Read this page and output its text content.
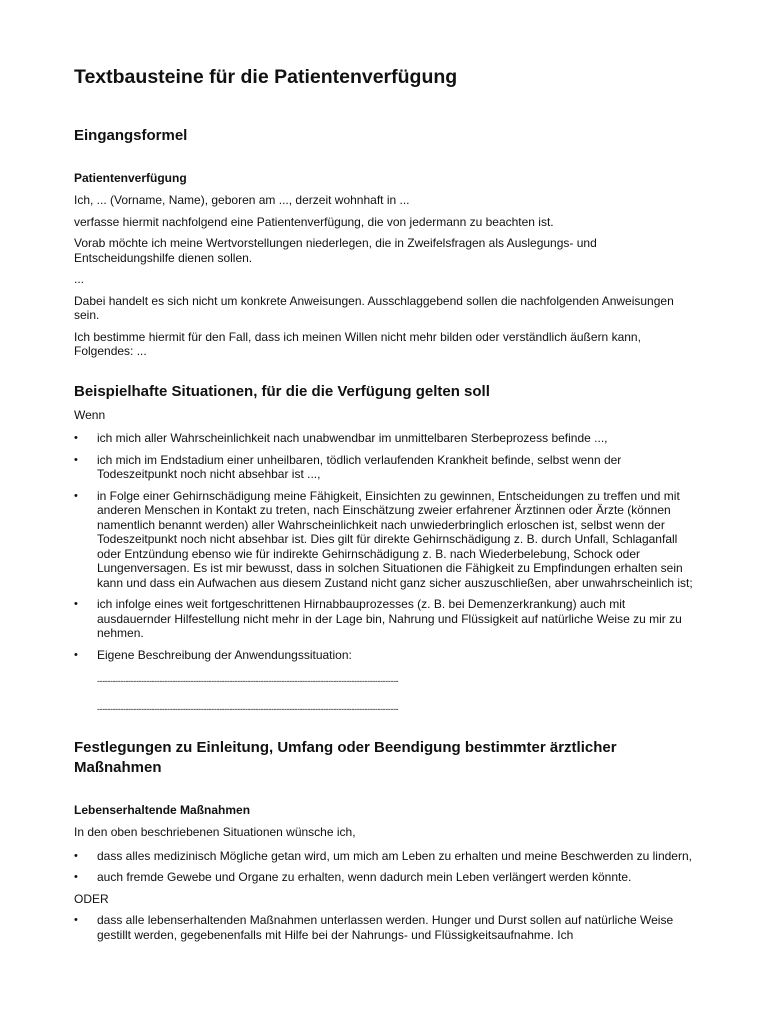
Textbausteine für die Patientenverfügung
Eingangsformel
Patientenverfügung

Ich, ... (Vorname, Name), geboren am ..., derzeit wohnhaft in ...

verfasse hiermit nachfolgend eine Patientenverfügung, die von jedermann zu beachten ist.

Vorab möchte ich meine Wertvorstellungen niederlegen, die in Zweifelsfragen als Auslegungs- und Entscheidungshilfe dienen sollen.

...

Dabei handelt es sich nicht um konkrete Anweisungen. Ausschlaggebend sollen die nachfolgenden Anweisungen sein.

Ich bestimme hiermit für den Fall, dass ich meinen Willen nicht mehr bilden oder verständlich äußern kann, Folgendes: ...

Beispielhafte Situationen, für die die Verfügung gelten soll

Wenn

•	ich mich aller Wahrscheinlichkeit nach unabwendbar im unmittelbaren Sterbeprozess befinde ...,
•	ich mich im Endstadium einer unheilbaren, tödlich verlaufenden Krankheit befinde, selbst wenn der Todeszeitpunkt noch nicht absehbar ist ...,
•	in Folge einer Gehirnschädigung meine Fähigkeit, Einsichten zu gewinnen, Entscheidungen zu treffen und mit anderen Menschen in Kontakt zu treten, nach Einschätzung zweier erfahrener Ärztinnen oder Ärzte (können namentlich benannt werden) aller Wahrscheinlichkeit nach unwiederbringlich erloschen ist, selbst wenn der Todeszeitpunkt noch nicht absehbar ist. Dies gilt für direkte Gehirnschädigung z. B. durch Unfall, Schlaganfall oder Entzündung ebenso wie für indirekte Gehirnschädigung z. B. nach Wiederbelebung, Schock oder Lungenversagen. Es ist mir bewusst, dass in solchen Situationen die Fähigkeit zu Empfindungen erhalten sein kann und dass ein Aufwachen aus diesem Zustand nicht ganz sicher auszuschließen, aber unwahrscheinlich ist;
•	ich infolge eines weit fortgeschrittenen Hirnabbauprozesses (z. B. bei Demenzerkrankung) auch mit ausdauernder Hilfestellung nicht mehr in der Lage bin, Nahrung und Flüssigkeit auf natürliche Weise zu mir zu nehmen.
•	Eigene Beschreibung der Anwendungssituation:
--------------------------------------------------------------------------------------------------------------------
--------------------------------------------------------------------------------------------------------------------
Festlegungen zu Einleitung, Umfang oder Beendigung bestimmter ärztlicher Maßnahmen
Lebenserhaltende Maßnahmen

In den oben beschriebenen Situationen wünsche ich,

•	dass alles medizinisch Mögliche getan wird, um mich am Leben zu erhalten und meine Beschwerden zu lindern,
•	auch fremde Gewebe und Organe zu erhalten, wenn dadurch mein Leben verlängert werden könnte.

ODER

•	dass alle lebenserhaltenden Maßnahmen unterlassen werden. Hunger und Durst sollen auf natürliche Weise gestillt werden, gegebenenfalls mit Hilfe bei der Nahrungs- und Flüssigkeitsaufnahme. Ich
